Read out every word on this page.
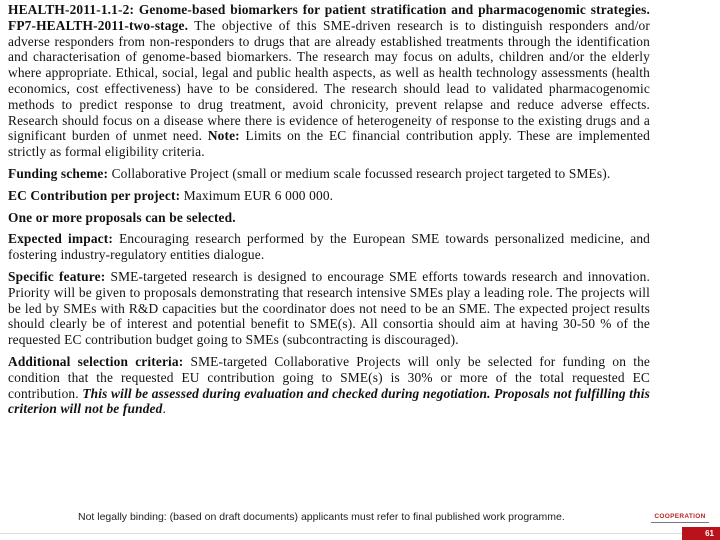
HEALTH-2011-1.1-2: Genome-based biomarkers for patient stratification and pharmacogenomic strategies. FP7-HEALTH-2011-two-stage. The objective of this SME-driven research is to distinguish responders and/or adverse responders from non-responders to drugs that are already established treatments through the identification and characterisation of genome-based biomarkers. The research may focus on adults, children and/or the elderly where appropriate. Ethical, social, legal and public health aspects, as well as health technology assessments (health economics, cost effectiveness) have to be considered. The research should lead to validated pharmacogenomic methods to predict response to drug treatment, avoid chronicity, prevent relapse and reduce adverse effects. Research should focus on a disease where there is evidence of heterogeneity of response to the existing drugs and a significant burden of unmet need. Note: Limits on the EC financial contribution apply. These are implemented strictly as formal eligibility criteria.

Funding scheme: Collaborative Project (small or medium scale focussed research project targeted to SMEs).

EC Contribution per project: Maximum EUR 6 000 000.

One or more proposals can be selected.

Expected impact: Encouraging research performed by the European SME towards personalized medicine, and fostering industry-regulatory entities dialogue.

Specific feature: SME-targeted research is designed to encourage SME efforts towards research and innovation. Priority will be given to proposals demonstrating that research intensive SMEs play a leading role. The projects will be led by SMEs with R&D capacities but the coordinator does not need to be an SME. The expected project results should clearly be of interest and potential benefit to SME(s). All consortia should aim at having 30-50 % of the requested EC contribution budget going to SMEs (subcontracting is discouraged).

Additional selection criteria: SME-targeted Collaborative Projects will only be selected for funding on the condition that the requested EU contribution going to SME(s) is 30% or more of the total requested EC contribution. This will be assessed during evaluation and checked during negotiation. Proposals not fulfilling this criterion will not be funded.

Not legally binding: (based on draft documents) applicants must refer to final published work programme.	COOPERATION
61
